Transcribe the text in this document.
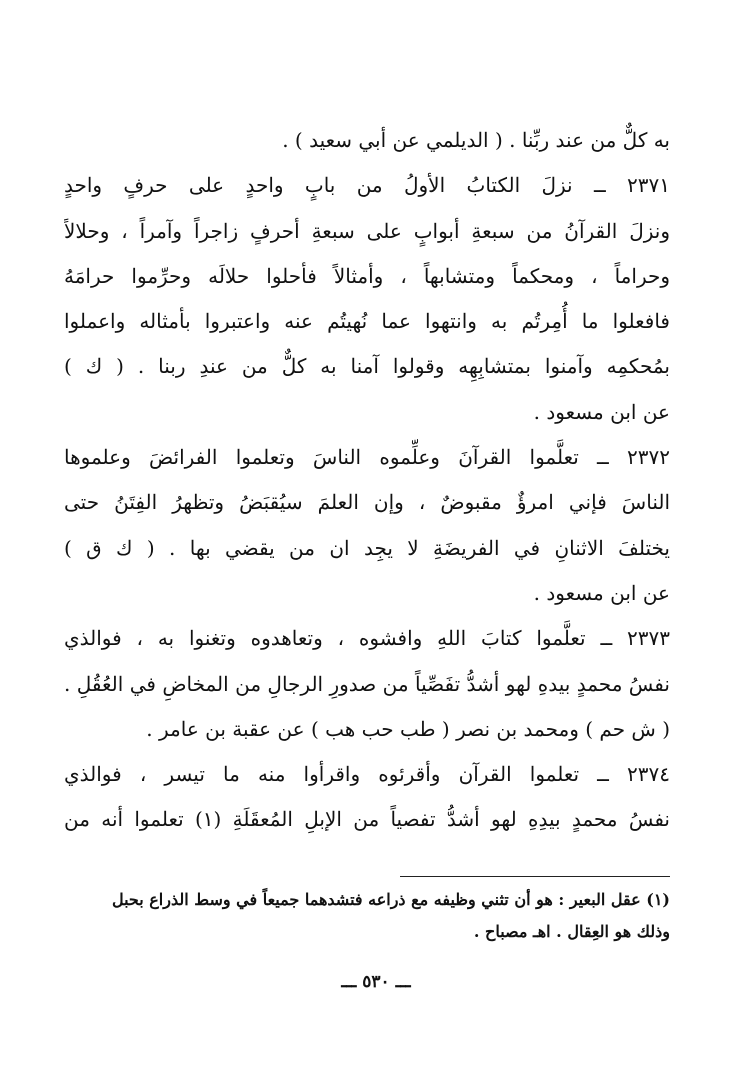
به كلٌّ من عند ربِّنا . ( الديلمي عن أبي سعيد ) .
٢٣٧١ ــ نزلَ الكتابُ الأولُ من بابٍ واحدٍ على حرفٍ واحدٍ
ونزلَ القرآنُ من سبعةِ أبوابٍ على سبعةِ أحرفٍ زاجراً وآمراً ، وحلالاً
وحراماً ، ومحكماً ومتشابهاً ، وأمثالاً فأحلوا حلالَه وحرِّموا حرامَهُ
فافعلوا ما أُمِرتُم به وانتهوا عما نُهيتُم عنه واعتبروا بأمثاله واعملوا
بمُحكمِه وآمنوا بمتشابِهِه وقولوا آمنا به كلٌّ من عندِ ربنا . ( ك )
عن ابن مسعود .
٢٣٧٢ ــ تعلَّموا القرآنَ وعلِّموه الناسَ وتعلموا الفرائضَ وعلموها
الناسَ فإني امرؤٌ مقبوضٌ ، وإن العلمَ سيُقبَضُ وتظهرُ الفِتَنُ حتى
يختلفَ الاثنانِ في الفريضَةِ لا يجِد ان من يقضي بها . ( ك ق )
عن ابن مسعود .
٢٣٧٣ ــ تعلَّموا كتابَ اللهِ وافشوه ، وتعاهدوه وتغنوا به ، فوالذي
نفسُ محمدٍ بيدهِ لهو أشدُّ تفَصِّياً من صدورِ الرجالِ من المخاضِ في العُقُلِ .
( ش حم ) ومحمد بن نصر ( طب حب هب ) عن عقبة بن عامر .
٢٣٧٤ ــ تعلموا القرآن وأقرئوه واقرأوا منه ما تيسر ، فوالذي
نفسُ محمدٍ بيدِهِ لهو أشدُّ تفصياً من الإبلِ المُعقَلَةِ (١) تعلموا أنه من
(١) عقل البعير : هو أن تثني وظيفه مع ذراعه فتشدهما جميعاً في وسط الذراع بحبل
وذلك هو العِقال . اهـ مصباح .
ـــ ٥٣٠ ـــ
